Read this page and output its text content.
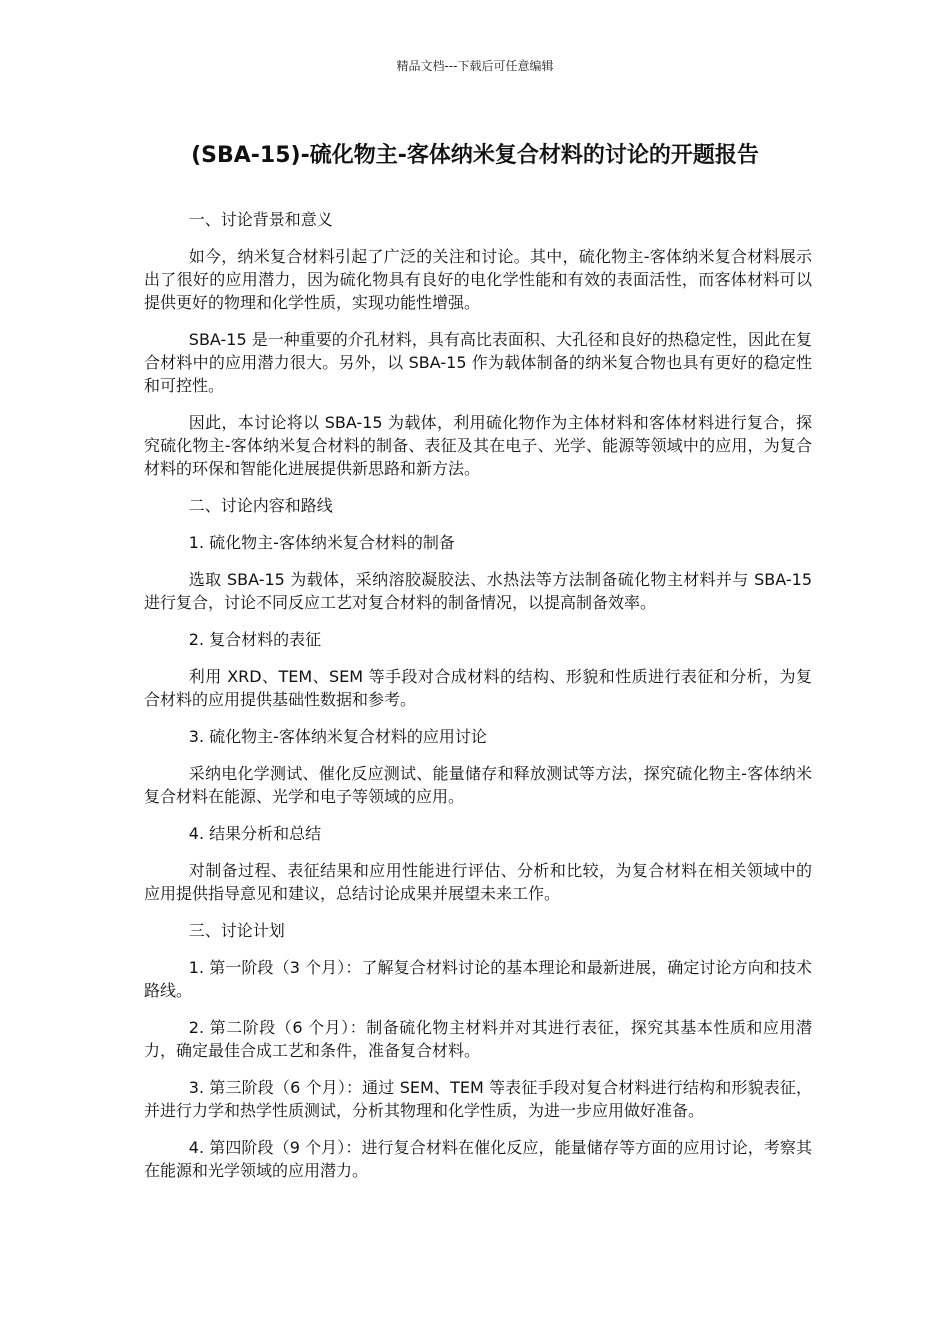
精品文档---下载后可任意编辑
(SBA-15)-硫化物主-客体纳米复合材料的讨论的开题报告

一、讨论背景和意义

如今，纳米复合材料引起了广泛的关注和讨论。其中，硫化物主-客体纳米复合材料展示出了很好的应用潜力，因为硫化物具有良好的电化学性能和有效的表面活性，而客体材料可以提供更好的物理和化学性质，实现功能性增强。

SBA-15 是一种重要的介孔材料，具有高比表面积、大孔径和良好的热稳定性，因此在复合材料中的应用潜力很大。另外，以 SBA-15 作为载体制备的纳米复合物也具有更好的稳定性和可控性。

因此，本讨论将以 SBA-15 为载体，利用硫化物作为主体材料和客体材料进行复合，探究硫化物主-客体纳米复合材料的制备、表征及其在电子、光学、能源等领域中的应用，为复合材料的环保和智能化进展提供新思路和新方法。

二、讨论内容和路线

1. 硫化物主-客体纳米复合材料的制备

选取 SBA-15 为载体，采纳溶胶凝胶法、水热法等方法制备硫化物主材料并与 SBA-15 进行复合，讨论不同反应工艺对复合材料的制备情况，以提高制备效率。

2. 复合材料的表征

利用 XRD、TEM、SEM 等手段对合成材料的结构、形貌和性质进行表征和分析，为复合材料的应用提供基础性数据和参考。

3. 硫化物主-客体纳米复合材料的应用讨论

采纳电化学测试、催化反应测试、能量储存和释放测试等方法，探究硫化物主-客体纳米复合材料在能源、光学和电子等领域的应用。

4. 结果分析和总结

对制备过程、表征结果和应用性能进行评估、分析和比较，为复合材料在相关领域中的应用提供指导意见和建议，总结讨论成果并展望未来工作。

三、讨论计划

1. 第一阶段（3 个月）：了解复合材料讨论的基本理论和最新进展，确定讨论方向和技术路线。

2. 第二阶段（6 个月）：制备硫化物主材料并对其进行表征，探究其基本性质和应用潜力，确定最佳合成工艺和条件，准备复合材料。

3. 第三阶段（6 个月）：通过 SEM、TEM 等表征手段对复合材料进行结构和形貌表征，并进行力学和热学性质测试，分析其物理和化学性质，为进一步应用做好准备。

4. 第四阶段（9 个月）：进行复合材料在催化反应，能量储存等方面的应用讨论，考察其在能源和光学领域的应用潜力。
